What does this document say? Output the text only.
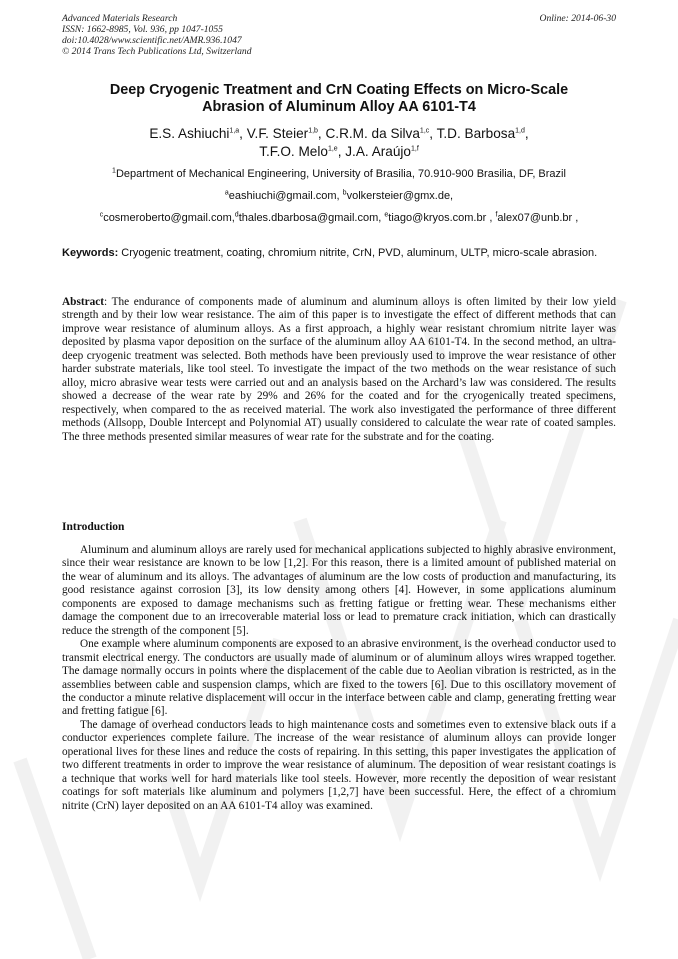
Advanced Materials Research
ISSN: 1662-8985, Vol. 936, pp 1047-1055
doi:10.4028/www.scientific.net/AMR.936.1047
© 2014 Trans Tech Publications Ltd, Switzerland
Online: 2014-06-30
Deep Cryogenic Treatment and CrN Coating Effects on Micro-Scale
Abrasion of Aluminum Alloy AA 6101-T4
E.S. Ashiuchi$^{1,a}$, V.F. Steier$^{1,b}$, C.R.M. da Silva$^{1,c}$, T.D. Barbosa$^{1,d}$,
T.F.O. Melo$^{1,e}$, J.A. Araújo$^{1,f}$
$^1$Department of Mechanical Engineering, University of Brasilia, 70.910-900 Brasilia, DF, Brazil
$^a$eashiuchi@gmail.com, $^b$volkersteier@gmx.de,
$^c$cosmeroberto@gmail.com,$^d$thales.dbarbosa@gmail.com, $^e$tiago@kryos.com.br , $^f$alex07@unb.br ,
Keywords: Cryogenic treatment, coating, chromium nitrite, CrN, PVD, aluminum, ULTP, micro-scale abrasion.
Abstract: The endurance of components made of aluminum and aluminum alloys is often limited by their low yield strength and by their low wear resistance. The aim of this paper is to investigate the effect of different methods that can improve wear resistance of aluminum alloys. As a first approach, a highly wear resistant chromium nitrite layer was deposited by plasma vapor deposition on the surface of the aluminum alloy AA 6101-T4. In the second method, an ultra-deep cryogenic treatment was selected. Both methods have been previously used to improve the wear resistance of other harder substrate materials, like tool steel. To investigate the impact of the two methods on the wear resistance of such alloy, micro abrasive wear tests were carried out and an analysis based on the Archard’s law was considered. The results showed a decrease of the wear rate by 29% and 26% for the coated and for the cryogenically treated specimens, respectively, when compared to the as received material. The work also investigated the performance of three different methods (Allsopp, Double Intercept and Polynomial AT) usually considered to calculate the wear rate of coated samples. The three methods presented similar measures of wear rate for the substrate and for the coating.
Introduction

Aluminum and aluminum alloys are rarely used for mechanical applications subjected to highly abrasive environment, since their wear resistance are known to be low [1,2]. For this reason, there is a limited amount of published material on the wear of aluminum and its alloys. The advantages of aluminum are the low costs of production and manufacturing, its good resistance against corrosion [3], its low density among others [4]. However, in some applications aluminum components are exposed to damage mechanisms such as fretting fatigue or fretting wear. These mechanisms either damage the component due to an irrecoverable material loss or lead to premature crack initiation, which can drastically reduce the strength of the component [5].

One example where aluminum components are exposed to an abrasive environment, is the overhead conductor used to transmit electrical energy. The conductors are usually made of aluminum or of aluminum alloys wires wrapped together. The damage normally occurs in points where the displacement of the cable due to Aeolian vibration is restricted, as in the assemblies between cable and suspension clamps, which are fixed to the towers [6]. Due to this oscillatory movement of the conductor a minute relative displacement will occur in the interface between cable and clamp, generating fretting wear and fretting fatigue [6].

The damage of overhead conductors leads to high maintenance costs and sometimes even to extensive black outs if a conductor experiences complete failure. The increase of the wear resistance of aluminum alloys can provide longer operational lives for these lines and reduce the costs of repairing. In this setting, this paper investigates the application of two different treatments in order to improve the wear resistance of aluminum. The deposition of wear resistant coatings is a technique that works well for hard materials like tool steels. However, more recently the deposition of wear resistant coatings for soft materials like aluminum and polymers [1,2,7] have been successful. Here, the effect of a chromium nitrite (CrN) layer deposited on an AA 6101-T4 alloy was examined.
